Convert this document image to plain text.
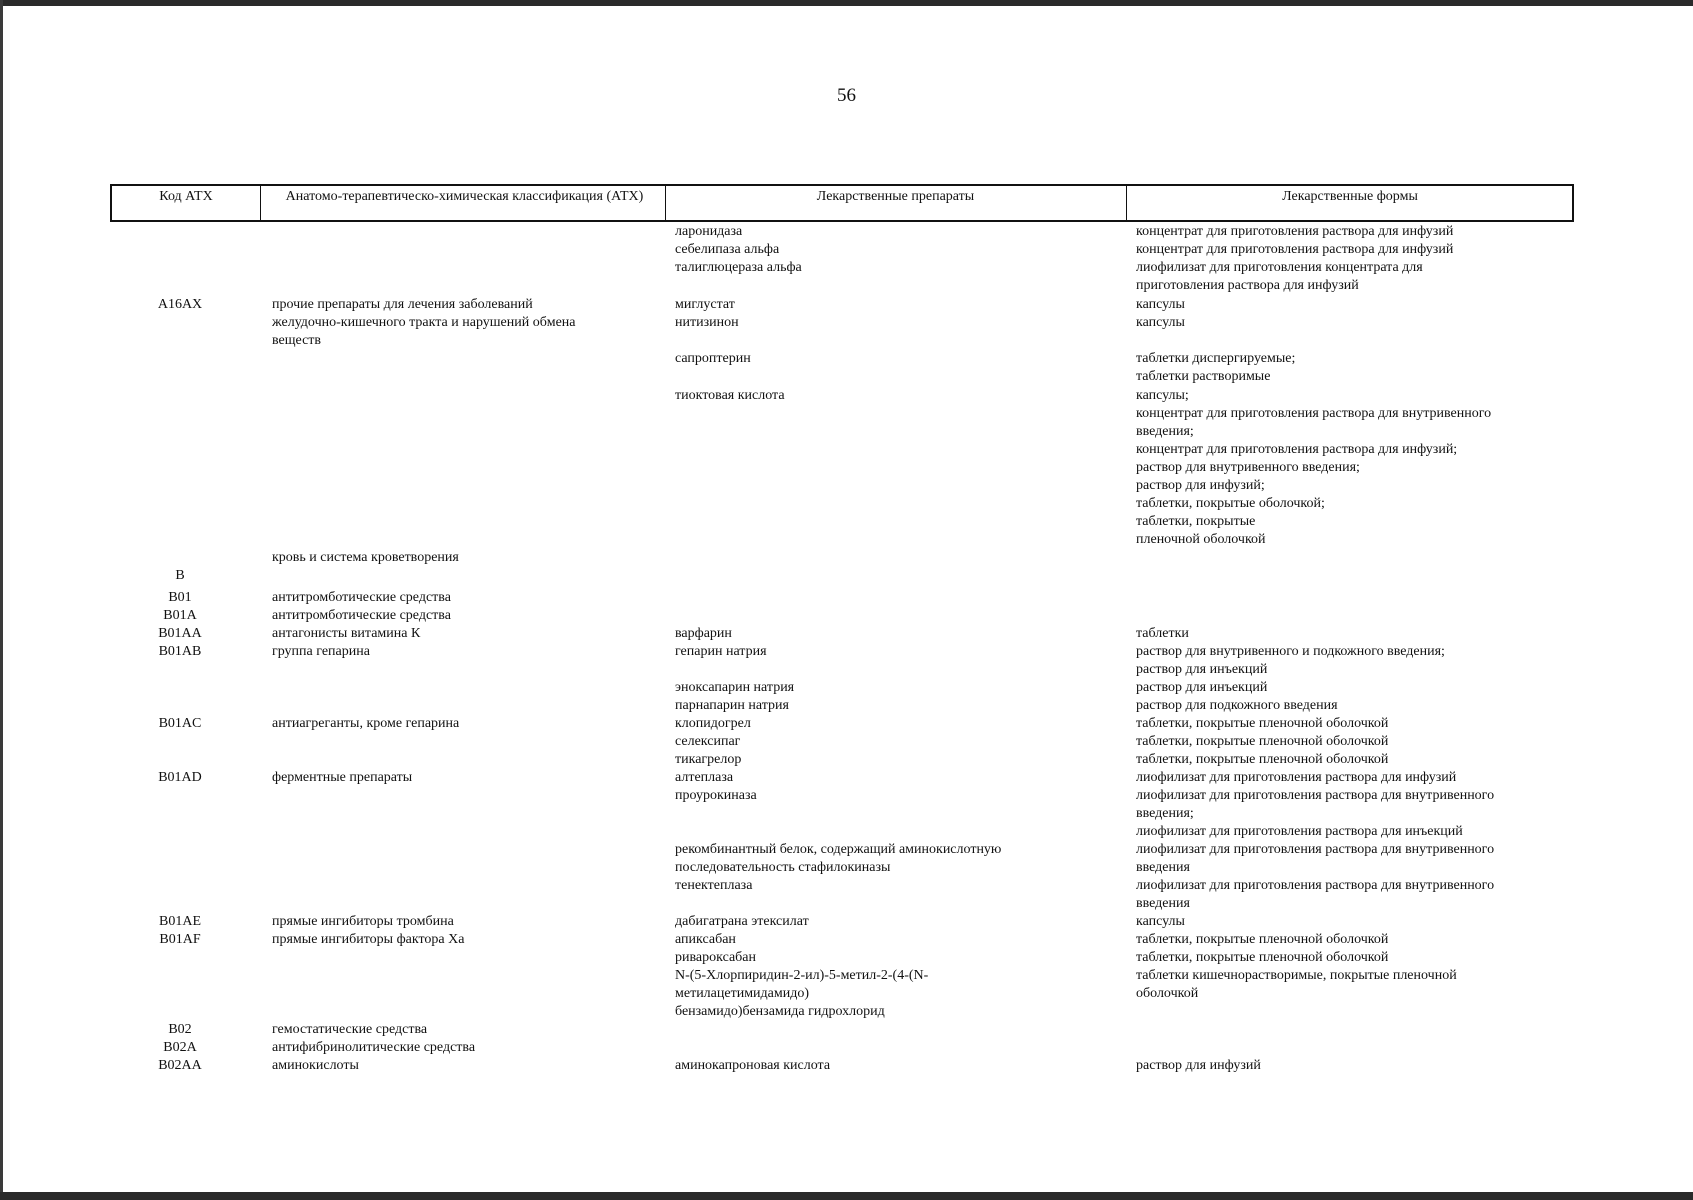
56
Код АТХ	Анатомо-терапевтическо-химическая классификация (АТХ)	Лекарственные препараты	Лекарственные формы
ларонидаза	концентрат для приготовления раствора для инфузий
себелипаза альфа	концентрат для приготовления раствора для инфузий
талиглюцераза альфа	лиофилизат для приготовления концентрата для
приготовления раствора для инфузий
A16AX	прочие препараты для лечения заболеваний	миглустат	капсулы
желудочно-кишечного тракта и нарушений обмена	нитизинон	капсулы
веществ
сапроптерин	таблетки диспергируемые;
таблетки растворимые
тиоктовая кислота	капсулы;
концентрат для приготовления раствора для внутривенного
введения;
концентрат для приготовления раствора для инфузий;
раствор для внутривенного введения;
раствор для инфузий;
таблетки, покрытые оболочкой;
таблетки, покрытые
пленочной оболочкой
кровь и система кроветворения
B
B01	антитромботические средства
B01A	антитромботические средства
B01AA	антагонисты витамина К	варфарин	таблетки
B01AB	группа гепарина	гепарин натрия	раствор для внутривенного и подкожного введения;
раствор для инъекций
эноксапарин натрия	раствор для инъекций
парнапарин натрия	раствор для подкожного введения
B01AC	антиагреганты, кроме гепарина	клопидогрел	таблетки, покрытые пленочной оболочкой
селексипаг	таблетки, покрытые пленочной оболочкой
тикагрелор	таблетки, покрытые пленочной оболочкой
B01AD	ферментные препараты	алтеплаза	лиофилизат для приготовления раствора для инфузий
проурокиназа	лиофилизат для приготовления раствора для внутривенного
введения;
лиофилизат для приготовления раствора для инъекций
рекомбинантный белок, содержащий аминокислотную	лиофилизат для приготовления раствора для внутривенного
последовательность стафилокиназы	введения
тенектеплаза	лиофилизат для приготовления раствора для внутривенного
введения
B01AE	прямые ингибиторы тромбина	дабигатрана этексилат	капсулы
B01AF	прямые ингибиторы фактора Xa	апиксабан	таблетки, покрытые пленочной оболочкой
ривароксабан	таблетки, покрытые пленочной оболочкой
N-(5-Хлорпиридин-2-ил)-5-метил-2-(4-(N-	таблетки кишечнорастворимые, покрытые пленочной
метилацетимидамидо)	оболочкой
бензамидо)бензамида гидрохлорид
B02	гемостатические средства
B02A	антифибринолитические средства
B02AA	аминокислоты	аминокапроновая кислота	раствор для инфузий
